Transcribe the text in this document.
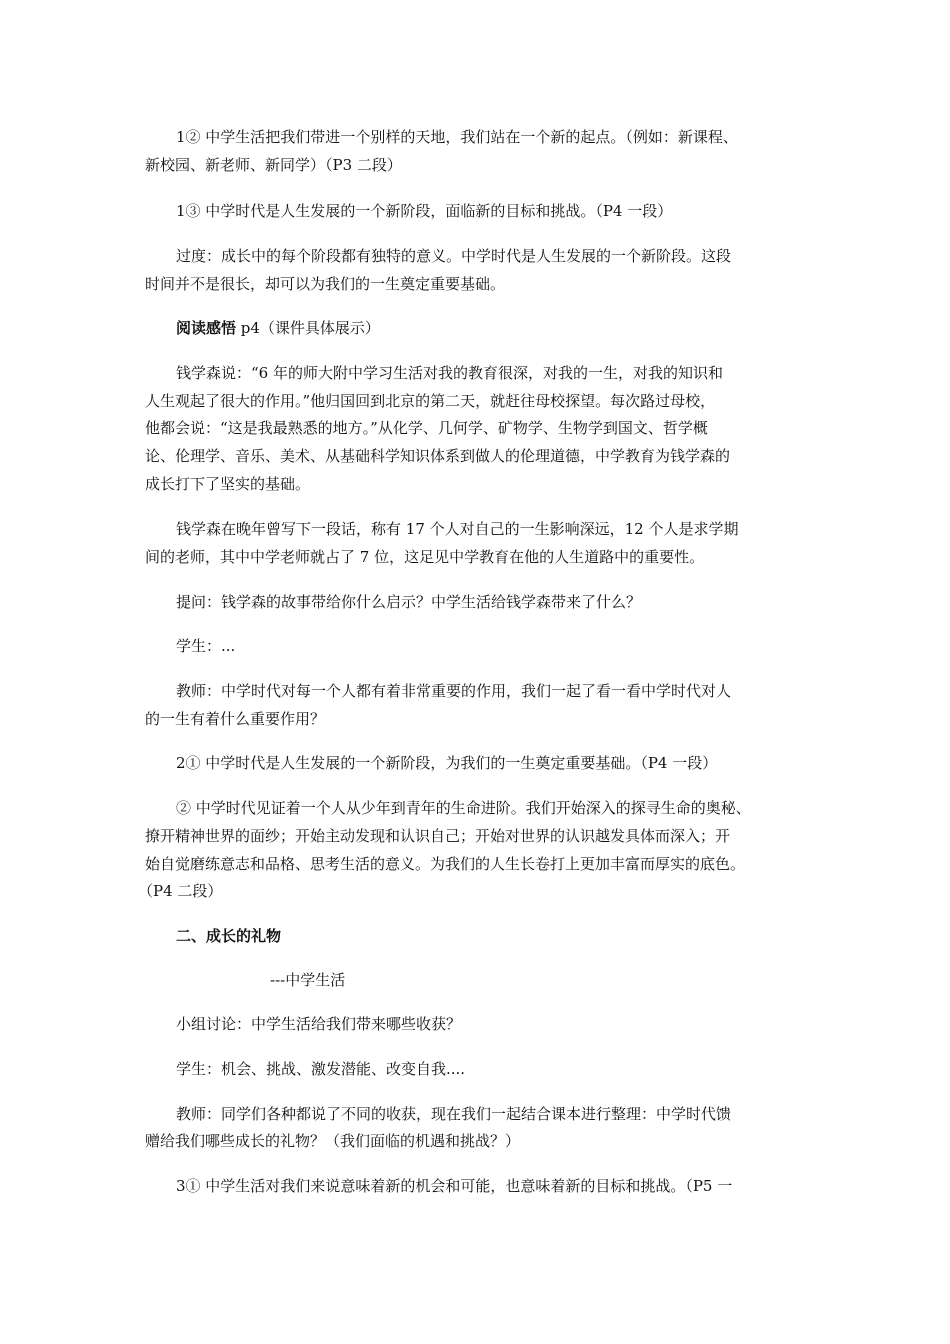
1② 中学生活把我们带进一个别样的天地，我们站在一个新的起点。（例如：新课程、
新校园、新老师、新同学）（P3 二段）
1③ 中学时代是人生发展的一个新阶段，面临新的目标和挑战。（P4 一段）
过度：成长中的每个阶段都有独特的意义。中学时代是人生发展的一个新阶段。这段
时间并不是很长，却可以为我们的一生奠定重要基础。
阅读感悟 p4（课件具体展示）
钱学森说：“6 年的师大附中学习生活对我的教育很深，对我的一生，对我的知识和
人生观起了很大的作用。”他归国回到北京的第二天，就赶往母校探望。每次路过母校，
他都会说：“这是我最熟悉的地方。”从化学、几何学、矿物学、生物学到国文、哲学概
论、伦理学、音乐、美术、从基础科学知识体系到做人的伦理道德，中学教育为钱学森的
成长打下了坚实的基础。
钱学森在晚年曾写下一段话，称有 17 个人对自己的一生影响深远，12 个人是求学期
间的老师，其中中学老师就占了 7 位，这足见中学教育在他的人生道路中的重要性。
提问：钱学森的故事带给你什么启示？中学生活给钱学森带来了什么？
学生：...
教师：中学时代对每一个人都有着非常重要的作用，我们一起了看一看中学时代对人
的一生有着什么重要作用？
2① 中学时代是人生发展的一个新阶段，为我们的一生奠定重要基础。（P4 一段）
② 中学时代见证着一个人从少年到青年的生命进阶。我们开始深入的探寻生命的奥秘、
撩开精神世界的面纱；开始主动发现和认识自己；开始对世界的认识越发具体而深入；开
始自觉磨练意志和品格、思考生活的意义。为我们的人生长卷打上更加丰富而厚实的底色。
（P4 二段）
二、成长的礼物
---中学生活
小组讨论：中学生活给我们带来哪些收获？
学生：机会、挑战、激发潜能、改变自我....
教师：同学们各种都说了不同的收获，现在我们一起结合课本进行整理：中学时代馈
赠给我们哪些成长的礼物？（我们面临的机遇和挑战？）
3① 中学生活对我们来说意味着新的机会和可能，也意味着新的目标和挑战。（P5 一
